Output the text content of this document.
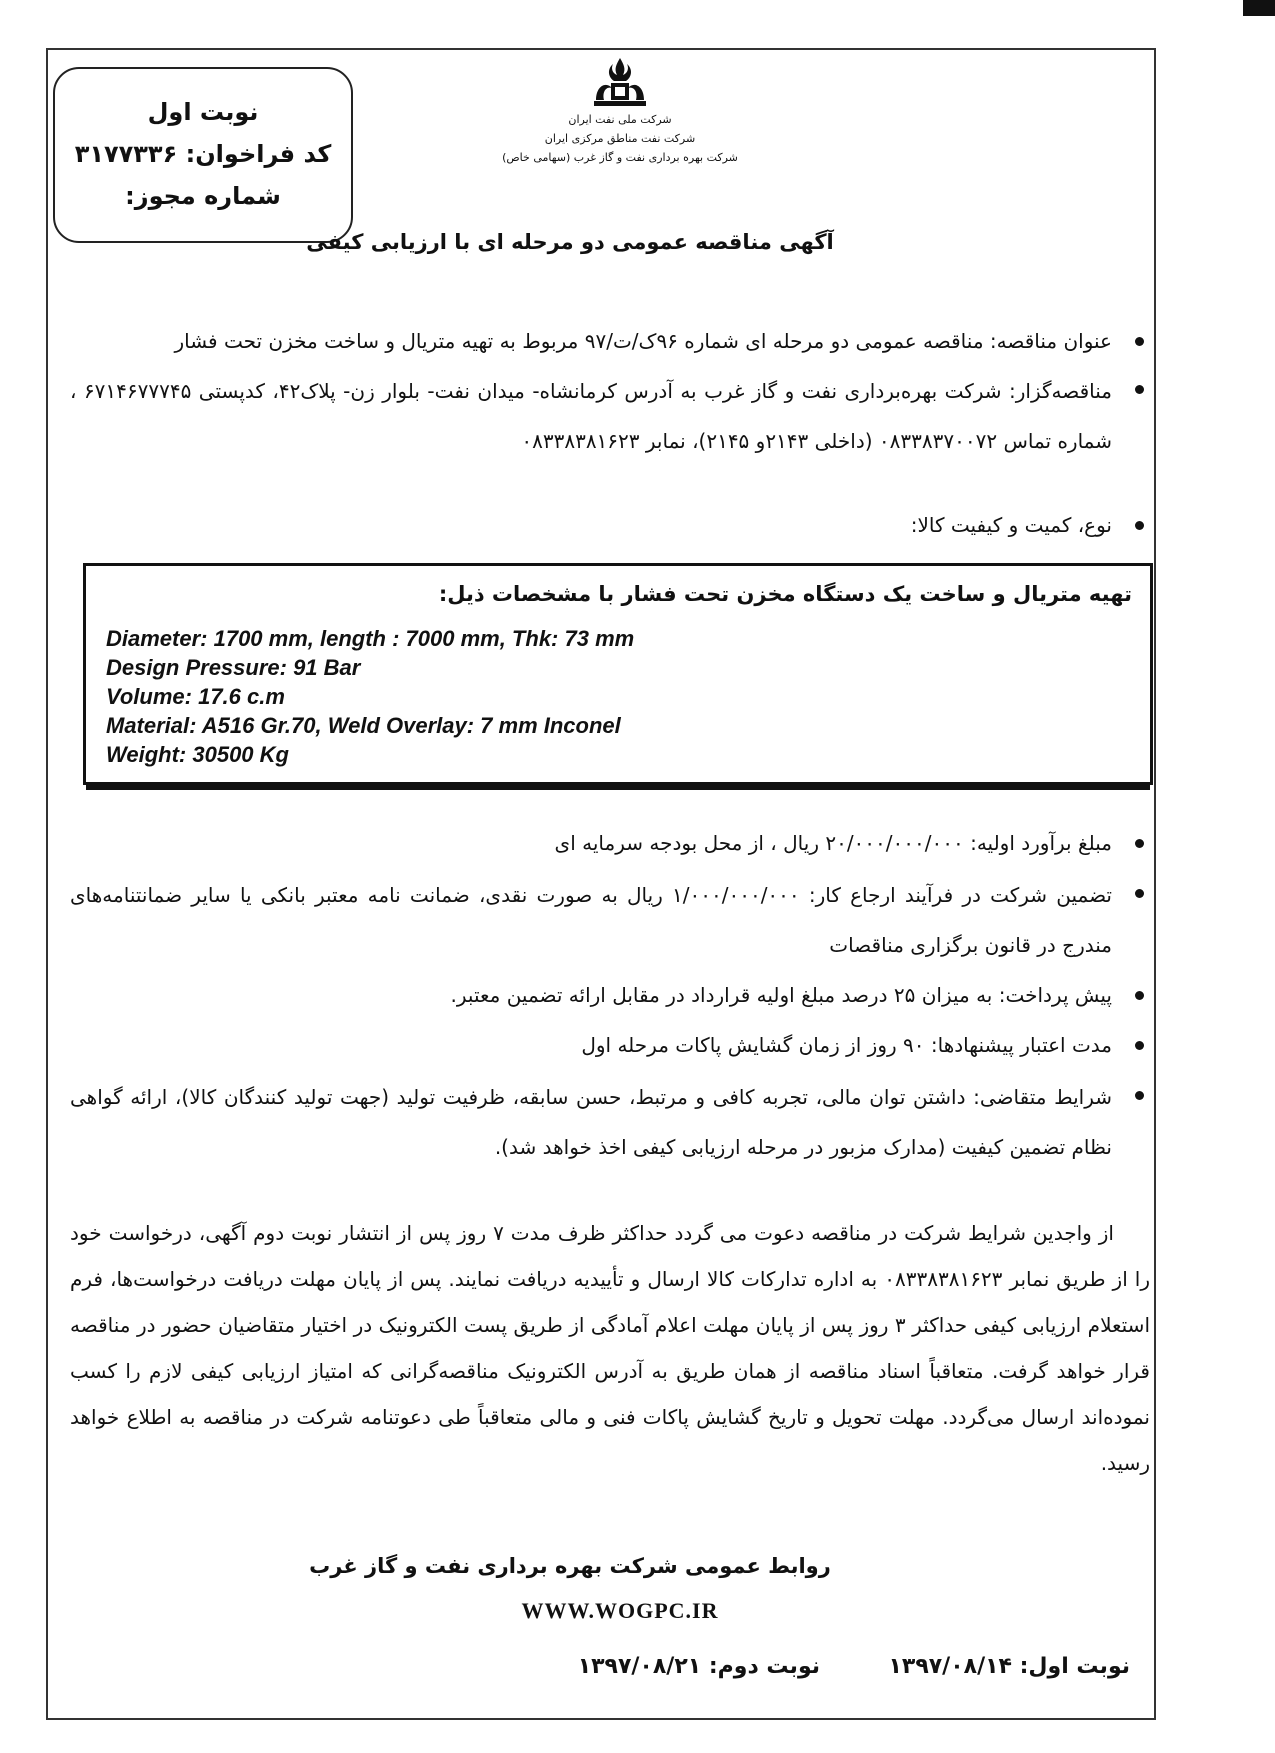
نوبت اول
کد فراخوان: ۳۱۷۷۳۳۶
شماره مجوز:
شرکت ملی نفت ایران
شرکت نفت مناطق مرکزی ایران
شرکت بهره برداری نفت و گاز غرب (سهامی خاص)
آگهی مناقصه عمومی دو مرحله ای با ارزیابی کیفی
عنوان مناقصه: مناقصه عمومی دو مرحله ای شماره ۹۶ک/ت/۹۷ مربوط به تهیه متریال و ساخت مخزن تحت فشار
مناقصه‌گزار: شرکت بهره‌برداری نفت و گاز غرب به آدرس کرمانشاه- میدان نفت- بلوار زن- پلاک۴۲، کدپستی ۶۷۱۴۶۷۷۷۴۵ ، شماره تماس ۰۸۳۳۸۳۷۰۰۷۲ (داخلی ۲۱۴۳و ۲۱۴۵)، نمابر ۰۸۳۳۸۳۸۱۶۲۳
نوع، کمیت و کیفیت کالا:
تهیه متریال و ساخت یک دستگاه مخزن تحت فشار با مشخصات ذیل:
Diameter: 1700 mm, length : 7000 mm, Thk: 73 mm
Design Pressure: 91 Bar
Volume: 17.6 c.m
Material: A516 Gr.70, Weld Overlay: 7 mm Inconel
Weight: 30500 Kg
مبلغ برآورد اولیه: ۲۰/۰۰۰/۰۰۰/۰۰۰ ریال ، از محل بودجه سرمایه ای
تضمین شرکت در فرآیند ارجاع کار: ۱/۰۰۰/۰۰۰/۰۰۰ ریال به صورت نقدی، ضمانت نامه معتبر بانکی یا سایر ضمانتنامه‌های مندرج در قانون برگزاری مناقصات
پیش پرداخت: به میزان ۲۵ درصد مبلغ اولیه قرارداد در مقابل ارائه تضمین معتبر.
مدت اعتبار پیشنهادها: ۹۰ روز از زمان گشایش پاکات مرحله اول
شرایط متقاضی: داشتن توان مالی، تجربه کافی و مرتبط، حسن سابقه، ظرفیت تولید (جهت تولید کنندگان کالا)، ارائه گواهی نظام تضمین کیفیت (مدارک مزبور در مرحله ارزیابی کیفی اخذ خواهد شد).
از واجدین شرایط شرکت در مناقصه دعوت می گردد حداکثر ظرف مدت ۷ روز پس از انتشار نوبت دوم آگهی، درخواست خود را از طریق نمابر ۰۸۳۳۸۳۸۱۶۲۳ به اداره تدارکات کالا ارسال و تأییدیه دریافت نمایند. پس از پایان مهلت دریافت درخواست‌ها، فرم استعلام ارزیابی کیفی حداکثر ۳ روز پس از پایان مهلت اعلام آمادگی از طریق پست الکترونیک در اختیار متقاضیان حضور در مناقصه قرار خواهد گرفت. متعاقباً اسناد مناقصه از همان طریق به آدرس الکترونیک مناقصه‌گرانی که امتیاز ارزیابی کیفی لازم را کسب نموده‌اند ارسال می‌گردد. مهلت تحویل و تاریخ گشایش پاکات فنی و مالی متعاقباً طی دعوتنامه شرکت در مناقصه به اطلاع خواهد رسید.
روابط عمومی شرکت بهره برداری نفت و گاز غرب
WWW.WOGPC.IR
نوبت اول: ۱۳۹۷/۰۸/۱۴
نوبت دوم: ۱۳۹۷/۰۸/۲۱
